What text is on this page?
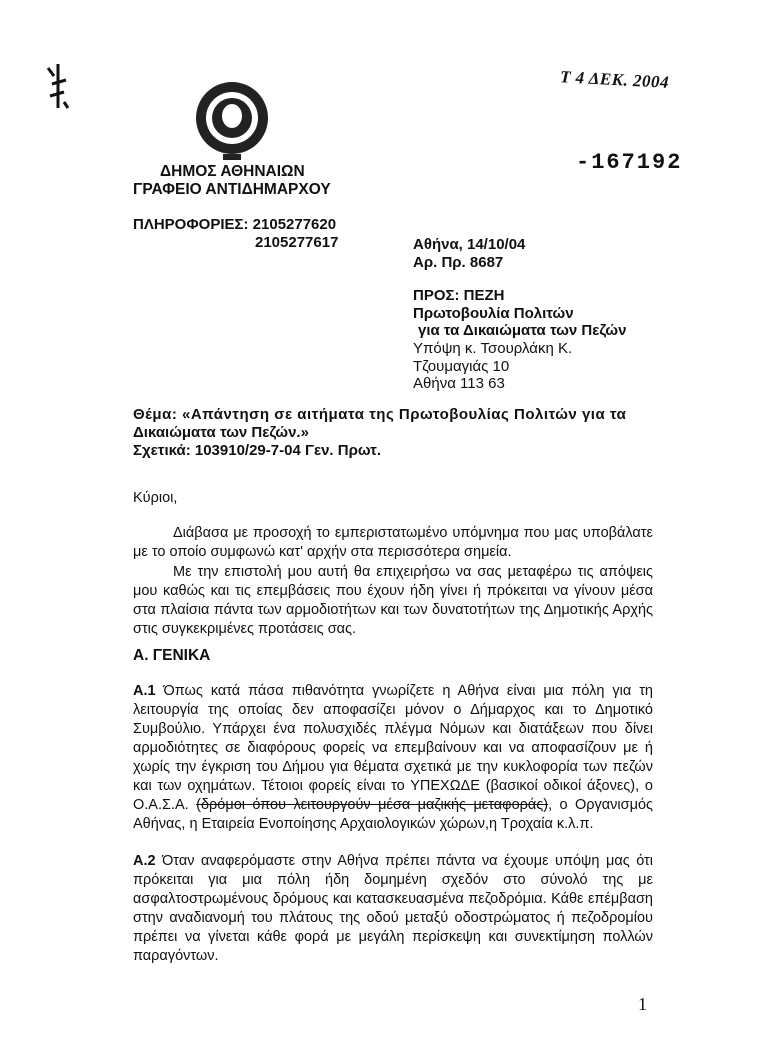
Τ 4 ΔΕΚ. 2004
-167192
ΔΗΜΟΣ ΑΘΗΝΑΙΩΝ
ΓΡΑΦΕΙΟ ΑΝΤΙΔΗΜΑΡΧΟΥ
ΠΛΗΡΟΦΟΡΙΕΣ: 2105277620
2105277617	Αθήνα, 14/10/04
Αρ. Πρ. 8687
ΠΡΟΣ: ΠΕΖΗ
Πρωτοβουλία Πολιτών
για τα Δικαιώματα των Πεζών
Υπόψη κ. Τσουρλάκη Κ.
Τζουμαγιάς 10
Αθήνα 113 63
Θέμα: «Απάντηση σε αιτήματα της Πρωτοβουλίας Πολιτών για τα
Δικαιώματα των Πεζών.»
Σχετικά: 103910/29-7-04 Γεν. Πρωτ.
Κύριοι,
Διάβασα με προσοχή το εμπεριστατωμένο υπόμνημα που μας υποβάλατε με το οποίο συμφωνώ κατ' αρχήν στα περισσότερα σημεία.
Με την επιστολή μου αυτή θα επιχειρήσω να σας μεταφέρω τις απόψεις μου καθώς και τις επεμβάσεις που έχουν ήδη γίνει ή πρόκειται να γίνουν μέσα στα πλαίσια πάντα των αρμοδιοτήτων και των δυνατοτήτων της Δημοτικής Αρχής στις συγκεκριμένες προτάσεις σας.
Α. ΓΕΝΙΚΑ
Α.1 Όπως κατά πάσα πιθανότητα γνωρίζετε η Αθήνα είναι μια πόλη για τη λειτουργία της οποίας δεν αποφασίζει μόνον ο Δήμαρχος και το Δημοτικό Συμβούλιο. Υπάρχει ένα πολυσχιδές πλέγμα Νόμων και διατάξεων που δίνει αρμοδιότητες σε διαφόρους φορείς να επεμβαίνουν και να αποφασίζουν με ή χωρίς την έγκριση του Δήμου για θέματα σχετικά με την κυκλοφορία των πεζών και των οχημάτων. Τέτοιοι φορείς είναι το ΥΠΕΧΩΔΕ (βασικοί οδικοί άξονες), ο Ο.Α.Σ.Α. (δρόμοι όπου λειτουργούν μέσα μαζικής μεταφοράς), ο Οργανισμός Αθήνας, η Εταιρεία Ενοποίησης Αρχαιολογικών χώρων,η Τροχαία κ.λ.π.
Α.2 Όταν αναφερόμαστε στην Αθήνα πρέπει πάντα να έχουμε υπόψη μας ότι πρόκειται για μια πόλη ήδη δομημένη σχεδόν στο σύνολό της με ασφαλτοστρωμένους δρόμους και κατασκευασμένα πεζοδρόμια. Κάθε επέμβαση στην αναδιανομή του πλάτους της οδού μεταξύ οδοστρώματος ή πεζοδρομίου πρέπει να γίνεται κάθε φορά με μεγάλη περίσκεψη και συνεκτίμηση πολλών παραγόντων.
1
